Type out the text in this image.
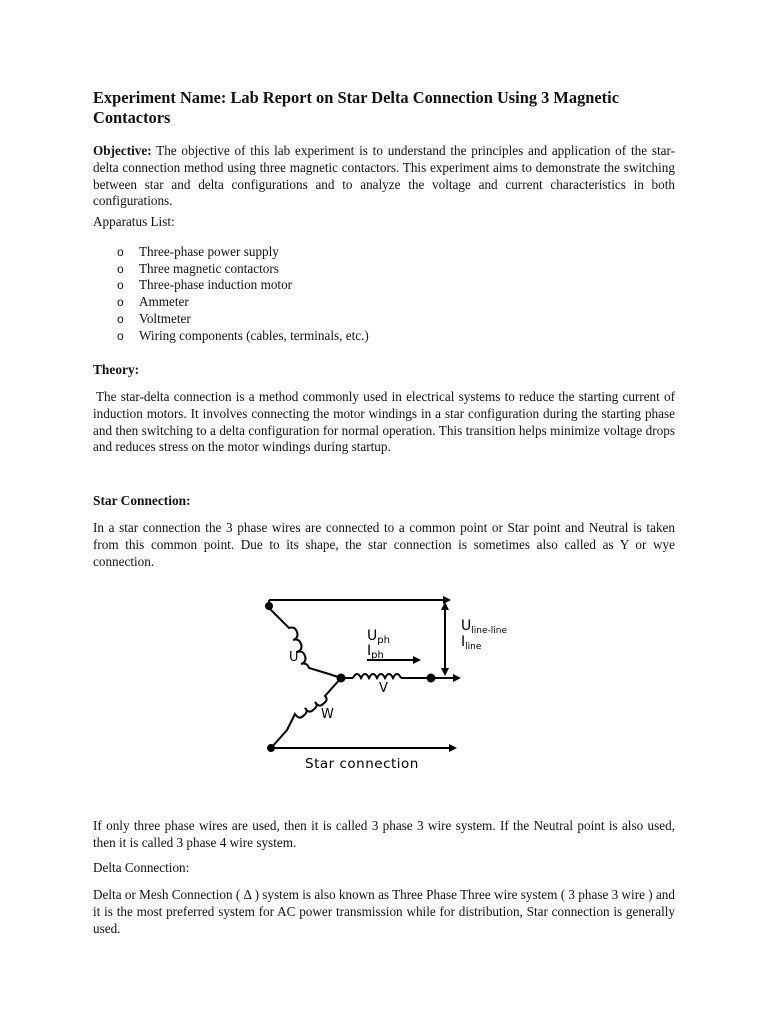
Experiment Name: Lab Report on Star Delta Connection Using 3 Magnetic Contactors
Objective: The objective of this lab experiment is to understand the principles and application of the star-delta connection method using three magnetic contactors. This experiment aims to demonstrate the switching between star and delta configurations and to analyze the voltage and current characteristics in both configurations.
Apparatus List:
o Three-phase power supply
o Three magnetic contactors
o Three-phase induction motor
o Ammeter
o Voltmeter
o Wiring components (cables, terminals, etc.)
Theory:
The star-delta connection is a method commonly used in electrical systems to reduce the starting current of induction motors. It involves connecting the motor windings in a star configuration during the starting phase and then switching to a delta configuration for normal operation. This transition helps minimize voltage drops and reduces stress on the motor windings during startup.
Star Connection:
In a star connection the 3 phase wires are connected to a common point or Star point and Neutral is taken from this common point. Due to its shape, the star connection is sometimes also called as Y or wye connection.
U
V
W
$U_{ph}$
$I_{ph}$
$U_{line-line}$
$I_{line}$
Star connection
If only three phase wires are used, then it is called 3 phase 3 wire system. If the Neutral point is also used, then it is called 3 phase 4 wire system.
Delta Connection:
Delta or Mesh Connection ( Δ ) system is also known as Three Phase Three wire system ( 3 phase 3 wire ) and it is the most preferred system for AC power transmission while for distribution, Star connection is generally used.
